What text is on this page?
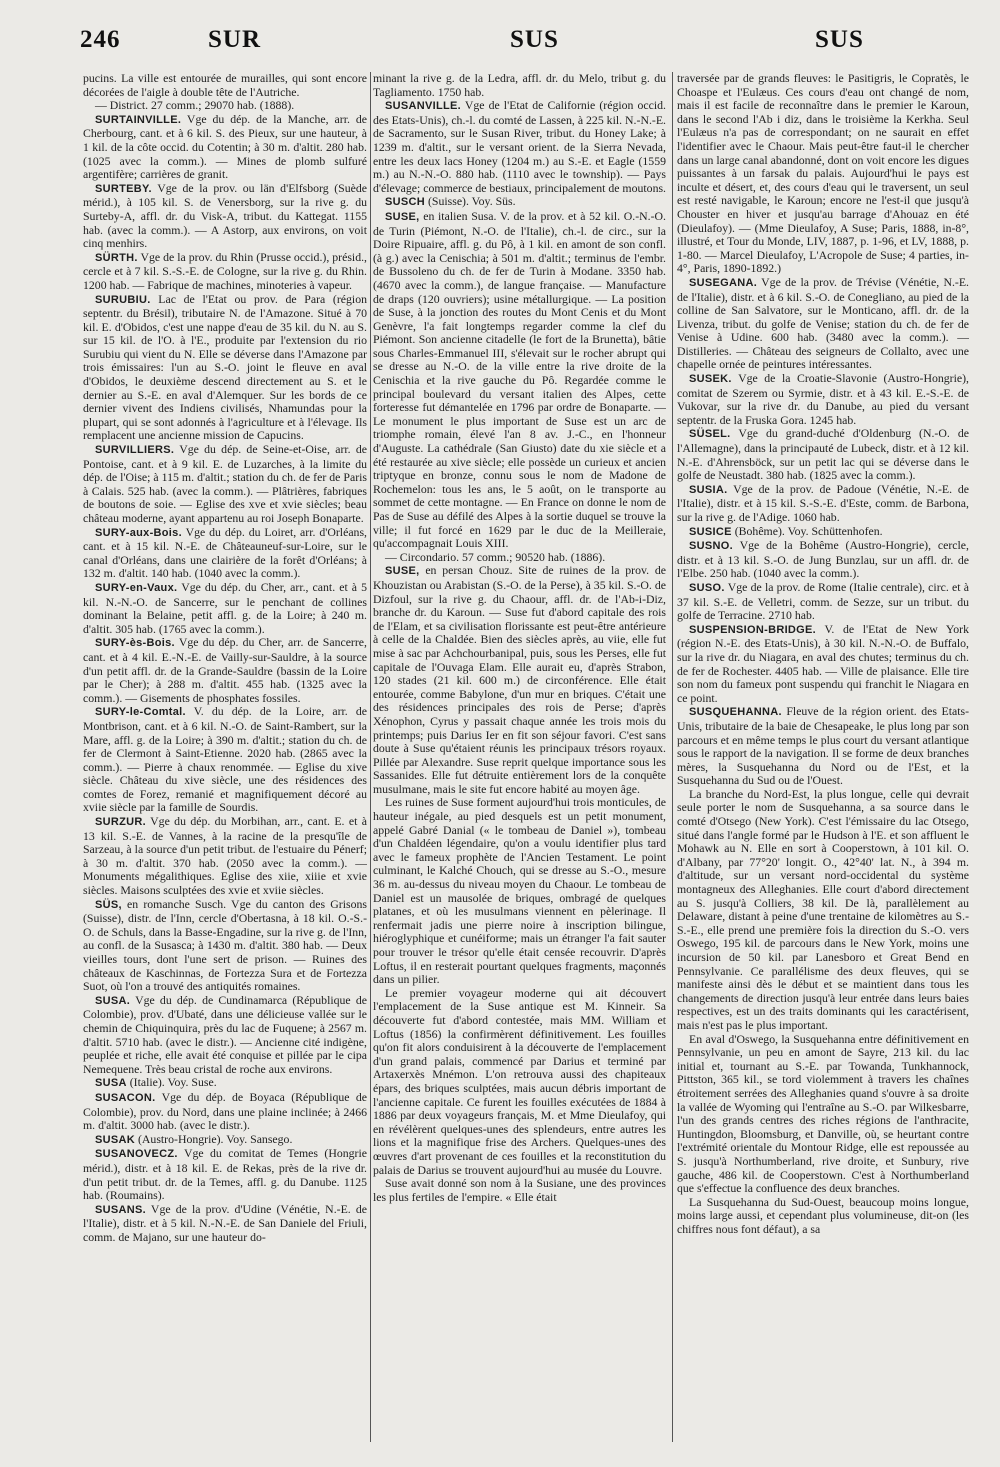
246	SUR	SUS	SUS

pucins. La ville est entourée de murailles, qui sont encore décorées de l'aigle à double tête de l'Autriche.

— District. 27 comm.; 29070 hab. (1888).

SURTAINVILLE. Vge du dép. de la Manche, arr. de Cherbourg, cant. et à 6 kil. S. des Pieux, sur une hauteur, à 1 kil. de la côte occid. du Cotentin; à 30 m. d'altit. 280 hab. (1025 avec la comm.). — Mines de plomb sulfuré argentifère; carrières de granit.

SURTEBY. Vge de la prov. ou län d'Elfsborg (Suède mérid.), à 105 kil. S. de Venersborg, sur la rive g. du Surteby-A, affl. dr. du Visk-A, tribut. du Kattegat. 1155 hab. (avec la comm.). — A Astorp, aux environs, on voit cinq menhirs.

SÜRTH. Vge de la prov. du Rhin (Prusse occid.), présid., cercle et à 7 kil. S.-S.-E. de Cologne, sur la rive g. du Rhin. 1200 hab. — Fabrique de machines, minoteries à vapeur.

SURUBIU. Lac de l'Etat ou prov. de Para (région septentr. du Brésil), tributaire N. de l'Amazone. Situé à 70 kil. E. d'Obidos, c'est une nappe d'eau de 35 kil. du N. au S. sur 15 kil. de l'O. à l'E., produite par l'extension du rio Surubiu qui vient du N. Elle se déverse dans l'Amazone par trois émissaires: l'un au S.-O. joint le fleuve en aval d'Obidos, le deuxième descend directement au S. et le dernier au S.-E. en aval d'Alemquer. Sur les bords de ce dernier vivent des Indiens civilisés, Nhamundas pour la plupart, qui se sont adonnés à l'agriculture et à l'élevage. Ils remplacent une ancienne mission de Capucins.

SURVILLIERS. Vge du dép. de Seine-et-Oise, arr. de Pontoise, cant. et à 9 kil. E. de Luzarches, à la limite du dép. de l'Oise; à 115 m. d'altit.; station du ch. de fer de Paris à Calais. 525 hab. (avec la comm.). — Plâtrières, fabriques de boutons de soie. — Eglise des xve et xvie siècles; beau château moderne, ayant appartenu au roi Joseph Bonaparte.

SURY-aux-Bois. Vge du dép. du Loiret, arr. d'Orléans, cant. et à 15 kil. N.-E. de Châteauneuf-sur-Loire, sur le canal d'Orléans, dans une clairière de la forêt d'Orléans; à 132 m. d'altit. 140 hab. (1040 avec la comm.).

SURY-en-Vaux. Vge du dép. du Cher, arr., cant. et à 5 kil. N.-N.-O. de Sancerre, sur le penchant de collines dominant la Belaine, petit affl. g. de la Loire; à 240 m. d'altit. 305 hab. (1765 avec la comm.).

SURY-ès-Bois. Vge du dép. du Cher, arr. de Sancerre, cant. et à 4 kil. E.-N.-E. de Vailly-sur-Sauldre, à la source d'un petit affl. dr. de la Grande-Sauldre (bassin de la Loire par le Cher); à 288 m. d'altit. 455 hab. (1325 avec la comm.). — Gisements de phosphates fossiles.

SURY-le-Comtal. V. du dép. de la Loire, arr. de Montbrison, cant. et à 6 kil. N.-O. de Saint-Rambert, sur la Mare, affl. g. de la Loire; à 390 m. d'altit.; station du ch. de fer de Clermont à Saint-Etienne. 2020 hab. (2865 avec la comm.). — Pierre à chaux renommée. — Eglise du xive siècle. Château du xive siècle, une des résidences des comtes de Forez, remanié et magnifiquement décoré au xviie siècle par la famille de Sourdis.

SURZUR. Vge du dép. du Morbihan, arr., cant. E. et à 13 kil. S.-E. de Vannes, à la racine de la presqu'île de Sarzeau, à la source d'un petit tribut. de l'estuaire du Pénerf; à 30 m. d'altit. 370 hab. (2050 avec la comm.). — Monuments mégalithiques. Eglise des xiie, xiiie et xvie siècles. Maisons sculptées des xvie et xviie siècles.

SÜS, en romanche Susch. Vge du canton des Grisons (Suisse), distr. de l'Inn, cercle d'Obertasna, à 18 kil. O.-S.-O. de Schuls, dans la Basse-Engadine, sur la rive g. de l'Inn, au confl. de la Susasca; à 1430 m. d'altit. 380 hab. — Deux vieilles tours, dont l'une sert de prison. — Ruines des châteaux de Kaschinnas, de Fortezza Sura et de Fortezza Suot, où l'on a trouvé des antiquités romaines.

SUSA. Vge du dép. de Cundinamarca (République de Colombie), prov. d'Ubaté, dans une délicieuse vallée sur le chemin de Chiquinquira, près du lac de Fuquene; à 2567 m. d'altit. 5710 hab. (avec le distr.). — Ancienne cité indigène, peuplée et riche, elle avait été conquise et pillée par le cipa Nemequene. Très beau cristal de roche aux environs.

SUSA (Italie). Voy. Suse.

SUSACON. Vge du dép. de Boyaca (République de Colombie), prov. du Nord, dans une plaine inclinée; à 2466 m. d'altit. 3000 hab. (avec le distr.).

SUSAK (Austro-Hongrie). Voy. Sansego.

SUSANOVECZ. Vge du comitat de Temes (Hongrie mérid.), distr. et à 18 kil. E. de Rekas, près de la rive dr. d'un petit tribut. dr. de la Temes, affl. g. du Danube. 1125 hab. (Roumains).

SUSANS. Vge de la prov. d'Udine (Vénétie, N.-E. de l'Italie), distr. et à 5 kil. N.-N.-E. de San Daniele del Friuli, comm. de Majano, sur une hauteur do-

minant la rive g. de la Ledra, affl. dr. du Melo, tribut g. du Tagliamento. 1750 hab.

SUSANVILLE. Vge de l'Etat de Californie (région occid. des Etats-Unis), ch.-l. du comté de Lassen, à 225 kil. N.-N.-E. de Sacramento, sur le Susan River, tribut. du Honey Lake; à 1239 m. d'altit., sur le versant orient. de la Sierra Nevada, entre les deux lacs Honey (1204 m.) au S.-E. et Eagle (1559 m.) au N.-N.-O. 880 hab. (1110 avec le township). — Pays d'élevage; commerce de bestiaux, principalement de moutons.

SUSCH (Suisse). Voy. Süs.

SUSE, en italien Susa. V. de la prov. et à 52 kil. O.-N.-O. de Turin (Piémont, N.-O. de l'Italie), ch.-l. de circ., sur la Doire Ripuaire, affl. g. du Pô, à 1 kil. en amont de son confl. (à g.) avec la Cenischia; à 501 m. d'altit.; terminus de l'embr. de Bussoleno du ch. de fer de Turin à Modane. 3350 hab. (4670 avec la comm.), de langue française. — Manufacture de draps (120 ouvriers); usine métallurgique. — La position de Suse, à la jonction des routes du Mont Cenis et du Mont Genèvre, l'a fait longtemps regarder comme la clef du Piémont. Son ancienne citadelle (le fort de la Brunetta), bâtie sous Charles-Emmanuel III, s'élevait sur le rocher abrupt qui se dresse au N.-O. de la ville entre la rive droite de la Cenischia et la rive gauche du Pô. Regardée comme le principal boulevard du versant italien des Alpes, cette forteresse fut démantelée en 1796 par ordre de Bonaparte. — Le monument le plus important de Suse est un arc de triomphe romain, élevé l'an 8 av. J.-C., en l'honneur d'Auguste. La cathédrale (San Giusto) date du xie siècle et a été restaurée au xive siècle; elle possède un curieux et ancien triptyque en bronze, connu sous le nom de Madone de Rochemelon: tous les ans, le 5 août, on le transporte au sommet de cette montagne. — En France on donne le nom de Pas de Suse au défilé des Alpes à la sortie duquel se trouve la ville; il fut forcé en 1629 par le duc de la Meilleraie, qu'accompagnait Louis XIII.

— Circondario. 57 comm.; 90520 hab. (1886).

SUSE, en persan Chouz. Site de ruines de la prov. de Khouzistan ou Arabistan (S.-O. de la Perse), à 35 kil. S.-O. de Dizfoul, sur la rive g. du Chaour, affl. dr. de l'Ab-i-Diz, branche dr. du Karoun. — Suse fut d'abord capitale des rois de l'Elam, et sa civilisation florissante est peut-être antérieure à celle de la Chaldée. Bien des siècles après, au viie, elle fut mise à sac par Achchourbanipal, puis, sous les Perses, elle fut capitale de l'Ouvaga Elam. Elle aurait eu, d'après Strabon, 120 stades (21 kil. 600 m.) de circonférence. Elle était entourée, comme Babylone, d'un mur en briques. C'était une des résidences principales des rois de Perse; d'après Xénophon, Cyrus y passait chaque année les trois mois du printemps; puis Darius Ier en fit son séjour favori. C'est sans doute à Suse qu'étaient réunis les principaux trésors royaux. Pillée par Alexandre. Suse reprit quelque importance sous les Sassanides. Elle fut détruite entièrement lors de la conquête musulmane, mais le site fut encore habité au moyen âge.

Les ruines de Suse forment aujourd'hui trois monticules, de hauteur inégale, au pied desquels est un petit monument, appelé Gabré Danial (« le tombeau de Daniel »), tombeau d'un Chaldéen légendaire, qu'on a voulu identifier plus tard avec le fameux prophète de l'Ancien Testament. Le point culminant, le Kalché Chouch, qui se dresse au S.-O., mesure 36 m. au-dessus du niveau moyen du Chaour. Le tombeau de Daniel est un mausolée de briques, ombragé de quelques platanes, et où les musulmans viennent en pèlerinage. Il renfermait jadis une pierre noire à inscription bilingue, hiéroglyphique et cunéiforme; mais un étranger l'a fait sauter pour trouver le trésor qu'elle était censée recouvrir. D'après Loftus, il en resterait pourtant quelques fragments, maçonnés dans un pilier.

Le premier voyageur moderne qui ait découvert l'emplacement de la Suse antique est M. Kinneir. Sa découverte fut d'abord contestée, mais MM. William et Loftus (1856) la confirmèrent définitivement. Les fouilles qu'on fit alors conduisirent à la découverte de l'emplacement d'un grand palais, commencé par Darius et terminé par Artaxerxès Mnémon. L'on retrouva aussi des chapiteaux épars, des briques sculptées, mais aucun débris important de l'ancienne capitale. Ce furent les fouilles exécutées de 1884 à 1886 par deux voyageurs français, M. et Mme Dieulafoy, qui en révélèrent quelques-unes des splendeurs, entre autres les lions et la magnifique frise des Archers. Quelques-unes des œuvres d'art provenant de ces fouilles et la reconstitution du palais de Darius se trouvent aujourd'hui au musée du Louvre.

Suse avait donné son nom à la Susiane, une des provinces les plus fertiles de l'empire. « Elle était

traversée par de grands fleuves: le Pasitigris, le Copratès, le Choaspe et l'Eulæus. Ces cours d'eau ont changé de nom, mais il est facile de reconnaître dans le premier le Karoun, dans le second l'Ab i diz, dans le troisième la Kerkha. Seul l'Eulæus n'a pas de correspondant; on ne saurait en effet l'identifier avec le Chaour. Mais peut-être faut-il le chercher dans un large canal abandonné, dont on voit encore les digues puissantes à un farsak du palais. Aujourd'hui le pays est inculte et désert, et, des cours d'eau qui le traversent, un seul est resté navigable, le Karoun; encore ne l'est-il que jusqu'à Chouster en hiver et jusqu'au barrage d'Ahouaz en été (Dieulafoy). — (Mme Dieulafoy, A Suse; Paris, 1888, in-8°, illustré, et Tour du Monde, LIV, 1887, p. 1-96, et LV, 1888, p. 1-80. — Marcel Dieulafoy, L'Acropole de Suse; 4 parties, in-4°, Paris, 1890-1892.)

SUSEGANA. Vge de la prov. de Trévise (Vénétie, N.-E. de l'Italie), distr. et à 6 kil. S.-O. de Conegliano, au pied de la colline de San Salvatore, sur le Monticano, affl. dr. de la Livenza, tribut. du golfe de Venise; station du ch. de fer de Venise à Udine. 600 hab. (3480 avec la comm.). — Distilleries. — Château des seigneurs de Collalto, avec une chapelle ornée de peintures intéressantes.

SUSEK. Vge de la Croatie-Slavonie (Austro-Hongrie), comitat de Szerem ou Syrmie, distr. et à 43 kil. E.-S.-E. de Vukovar, sur la rive dr. du Danube, au pied du versant septentr. de la Fruska Gora. 1245 hab.

SÜSEL. Vge du grand-duché d'Oldenburg (N.-O. de l'Allemagne), dans la principauté de Lubeck, distr. et à 12 kil. N.-E. d'Ahrensböck, sur un petit lac qui se déverse dans le golfe de Neustadt. 380 hab. (1825 avec la comm.).

SUSIA. Vge de la prov. de Padoue (Vénétie, N.-E. de l'Italie), distr. et à 15 kil. S.-S.-E. d'Este, comm. de Barbona, sur la rive g. de l'Adige. 1060 hab.

SUSICE (Bohême). Voy. Schüttenhofen.

SUSNO. Vge de la Bohême (Austro-Hongrie), cercle, distr. et à 13 kil. S.-O. de Jung Bunzlau, sur un affl. dr. de l'Elbe. 250 hab. (1040 avec la comm.).

SUSO. Vge de la prov. de Rome (Italie centrale), circ. et à 37 kil. S.-E. de Velletri, comm. de Sezze, sur un tribut. du golfe de Terracine. 2710 hab.

SUSPENSION-BRIDGE. V. de l'Etat de New York (région N.-E. des Etats-Unis), à 30 kil. N.-N.-O. de Buffalo, sur la rive dr. du Niagara, en aval des chutes; terminus du ch. de fer de Rochester. 4405 hab. — Ville de plaisance. Elle tire son nom du fameux pont suspendu qui franchit le Niagara en ce point.

SUSQUEHANNA. Fleuve de la région orient. des Etats-Unis, tributaire de la baie de Chesapeake, le plus long par son parcours et en même temps le plus court du versant atlantique sous le rapport de la navigation. Il se forme de deux branches mères, la Susquehanna du Nord ou de l'Est, et la Susquehanna du Sud ou de l'Ouest.

La branche du Nord-Est, la plus longue, celle qui devrait seule porter le nom de Susquehanna, a sa source dans le comté d'Otsego (New York). C'est l'émissaire du lac Otsego, situé dans l'angle formé par le Hudson à l'E. et son affluent le Mohawk au N. Elle en sort à Cooperstown, à 101 kil. O. d'Albany, par 77°20' longit. O., 42°40' lat. N., à 394 m. d'altitude, sur un versant nord-occidental du système montagneux des Alleghanies. Elle court d'abord directement au S. jusqu'à Colliers, 38 kil. De là, parallèlement au Delaware, distant à peine d'une trentaine de kilomètres au S.-S.-E., elle prend une première fois la direction du S.-O. vers Oswego, 195 kil. de parcours dans le New York, moins une incursion de 50 kil. par Lanesboro et Great Bend en Pennsylvanie. Ce parallélisme des deux fleuves, qui se manifeste ainsi dès le début et se maintient dans tous les changements de direction jusqu'à leur entrée dans leurs baies respectives, est un des traits dominants qui les caractérisent, mais n'est pas le plus important.

En aval d'Oswego, la Susquehanna entre définitivement en Pennsylvanie, un peu en amont de Sayre, 213 kil. du lac initial et, tournant au S.-E. par Towanda, Tunkhannock, Pittston, 365 kil., se tord violemment à travers les chaînes étroitement serrées des Alleghanies quand s'ouvre à sa droite la vallée de Wyoming qui l'entraîne au S.-O. par Wilkesbarre, l'un des grands centres des riches régions de l'anthracite, Huntingdon, Bloomsburg, et Danville, où, se heurtant contre l'extrémité orientale du Montour Ridge, elle est repoussée au S. jusqu'à Northumberland, rive droite, et Sunbury, rive gauche, 486 kil. de Cooperstown. C'est à Northumberland que s'effectue la confluence des deux branches.

La Susquehanna du Sud-Ouest, beaucoup moins longue, moins large aussi, et cependant plus volumineuse, dit-on (les chiffres nous font défaut), a sa
